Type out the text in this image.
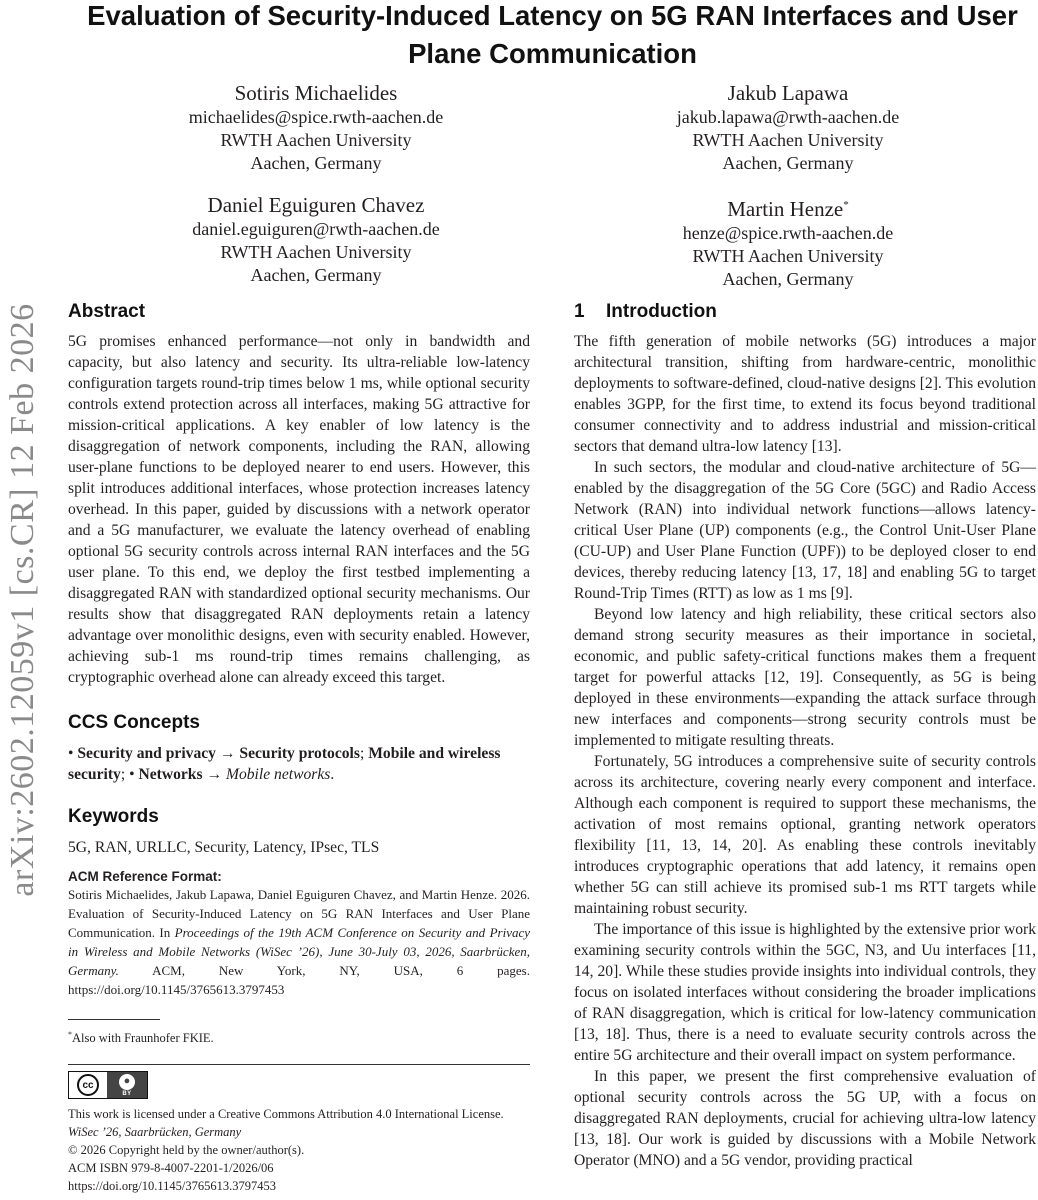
arXiv:2602.12059v1 [cs.CR] 12 Feb 2026
Evaluation of Security-Induced Latency on 5G RAN Interfaces and User Plane Communication
Sotiris Michaelides
michaelides@spice.rwth-aachen.de
RWTH Aachen University
Aachen, Germany
Jakub Lapawa
jakub.lapawa@rwth-aachen.de
RWTH Aachen University
Aachen, Germany
Daniel Eguiguren Chavez
daniel.eguiguren@rwth-aachen.de
RWTH Aachen University
Aachen, Germany
Martin Henze*
henze@spice.rwth-aachen.de
RWTH Aachen University
Aachen, Germany
Abstract

5G promises enhanced performance—not only in bandwidth and capacity, but also latency and security. Its ultra-reliable low-latency configuration targets round-trip times below 1 ms, while optional security controls extend protection across all interfaces, making 5G attractive for mission-critical applications. A key enabler of low latency is the disaggregation of network components, including the RAN, allowing user-plane functions to be deployed nearer to end users. However, this split introduces additional interfaces, whose protection increases latency overhead. In this paper, guided by discussions with a network operator and a 5G manufacturer, we evaluate the latency overhead of enabling optional 5G security controls across internal RAN interfaces and the 5G user plane. To this end, we deploy the first testbed implementing a disaggregated RAN with standardized optional security mechanisms. Our results show that disaggregated RAN deployments retain a latency advantage over monolithic designs, even with security enabled. However, achieving sub-1 ms round-trip times remains challenging, as cryptographic overhead alone can already exceed this target.

CCS Concepts

• Security and privacy → Security protocols; Mobile and wireless security; • Networks → Mobile networks.

Keywords

5G, RAN, URLLC, Security, Latency, IPsec, TLS

ACM Reference Format:

Sotiris Michaelides, Jakub Lapawa, Daniel Eguiguren Chavez, and Martin Henze. 2026. Evaluation of Security-Induced Latency on 5G RAN Interfaces and User Plane Communication. In Proceedings of the 19th ACM Conference on Security and Privacy in Wireless and Mobile Networks (WiSec ’26), June 30-July 03, 2026, Saarbrücken, Germany. ACM, New York, NY, USA, 6 pages. https://doi.org/10.1145/3765613.3797453

*Also with Fraunhofer FKIE.

cc	●
BY
This work is licensed under a Creative Commons Attribution 4.0 International License.
WiSec ’26, Saarbrücken, Germany
© 2026 Copyright held by the owner/author(s).
ACM ISBN 979-8-4007-2201-1/2026/06
https://doi.org/10.1145/3765613.3797453
1 Introduction

The fifth generation of mobile networks (5G) introduces a major architectural transition, shifting from hardware-centric, monolithic deployments to software-defined, cloud-native designs [2]. This evolution enables 3GPP, for the first time, to extend its focus beyond traditional consumer connectivity and to address industrial and mission-critical sectors that demand ultra-low latency [13].

In such sectors, the modular and cloud-native architecture of 5G—enabled by the disaggregation of the 5G Core (5GC) and Radio Access Network (RAN) into individual network functions—allows latency-critical User Plane (UP) components (e.g., the Control Unit-User Plane (CU-UP) and User Plane Function (UPF)) to be deployed closer to end devices, thereby reducing latency [13, 17, 18] and enabling 5G to target Round-Trip Times (RTT) as low as 1 ms [9].

Beyond low latency and high reliability, these critical sectors also demand strong security measures as their importance in societal, economic, and public safety-critical functions makes them a frequent target for powerful attacks [12, 19]. Consequently, as 5G is being deployed in these environments—expanding the attack surface through new interfaces and components—strong security controls must be implemented to mitigate resulting threats.

Fortunately, 5G introduces a comprehensive suite of security controls across its architecture, covering nearly every component and interface. Although each component is required to support these mechanisms, the activation of most remains optional, granting network operators flexibility [11, 13, 14, 20]. As enabling these controls inevitably introduces cryptographic operations that add latency, it remains open whether 5G can still achieve its promised sub-1 ms RTT targets while maintaining robust security.

The importance of this issue is highlighted by the extensive prior work examining security controls within the 5GC, N3, and Uu interfaces [11, 14, 20]. While these studies provide insights into individual controls, they focus on isolated interfaces without considering the broader implications of RAN disaggregation, which is critical for low-latency communication [13, 18]. Thus, there is a need to evaluate security controls across the entire 5G architecture and their overall impact on system performance.

In this paper, we present the first comprehensive evaluation of optional security controls across the 5G UP, with a focus on disaggregated RAN deployments, crucial for achieving ultra-low latency [13, 18]. Our work is guided by discussions with a Mobile Network Operator (MNO) and a 5G vendor, providing practical
